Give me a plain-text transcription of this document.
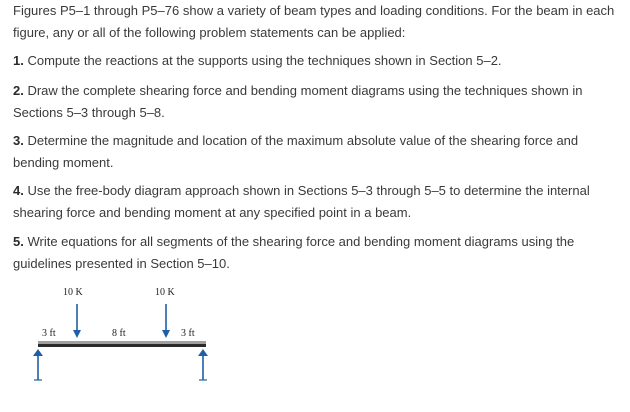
Figures P5–1 through P5–76 show a variety of beam types and loading conditions. For the beam in each figure, any or all of the following problem statements can be applied:

1. Compute the reactions at the supports using the techniques shown in Section 5–2.

2. Draw the complete shearing force and bending moment diagrams using the techniques shown in Sections 5–3 through 5–8.

3. Determine the magnitude and location of the maximum absolute value of the shearing force and bending moment.

4. Use the free-body diagram approach shown in Sections 5–3 through 5–5 to determine the internal shearing force and bending moment at any specified point in a beam.

5. Write equations for all segments of the shearing force and bending moment diagrams using the guidelines presented in Section 5–10.

10 K	10 K
3 ft	8 ft	3 ft
